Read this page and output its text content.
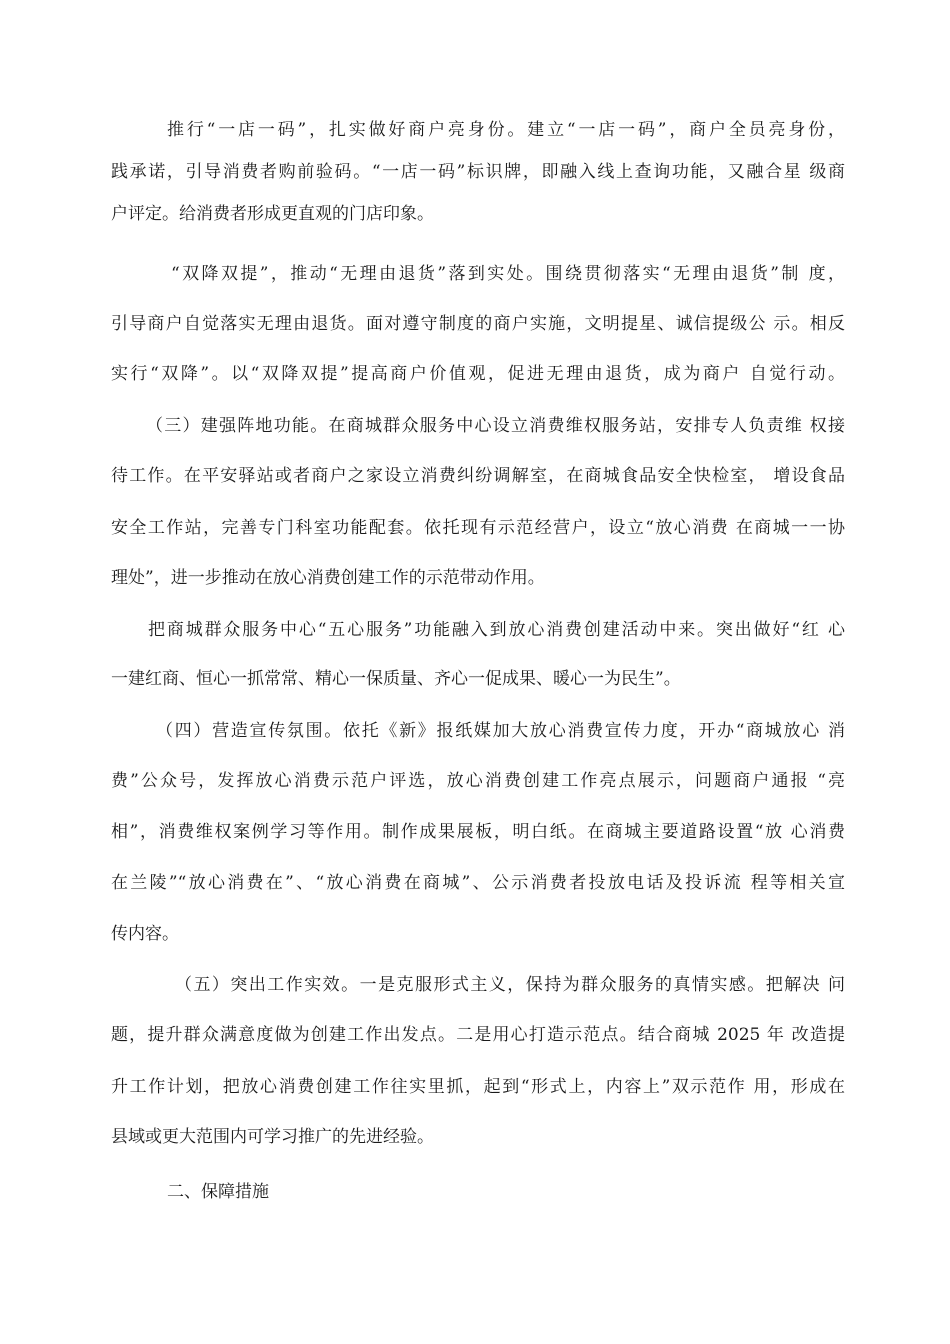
推行“一店一码”，扎实做好商户亮身份。建立“一店一码”，商户全员亮身份，
践承诺，引导消费者购前验码。“一店一码”标识牌，即融入线上查询功能，又融合星 级商
户评定。给消费者形成更直观的门店印象。
“双降双提”，推动“无理由退货”落到实处。围绕贯彻落实“无理由退货”制 度，
引导商户自觉落实无理由退货。面对遵守制度的商户实施，文明提星、诚信提级公 示。相反
实行“双降”。以“双降双提”提高商户价值观，促进无理由退货，成为商户 自觉行动。
（三）建强阵地功能。在商城群众服务中心设立消费维权服务站，安排专人负责维 权接
待工作。在平安驿站或者商户之家设立消费纠纷调解室，在商城食品安全快检室， 增设食品
安全工作站，完善专门科室功能配套。依托现有示范经营户，设立“放心消费 在商城一一协
理处”，进一步推动在放心消费创建工作的示范带动作用。
把商城群众服务中心“五心服务”功能融入到放心消费创建活动中来。突出做好“红 心
一建红商、恒心一抓常常、精心一保质量、齐心一促成果、暖心一为民生”。
（四）营造宣传氛围。依托《新》报纸媒加大放心消费宣传力度，开办“商城放心 消
费”公众号，发挥放心消费示范户评选，放心消费创建工作亮点展示，问题商户通报 “亮
相”，消费维权案例学习等作用。制作成果展板，明白纸。在商城主要道路设置“放 心消费
在兰陵”“放心消费在”、“放心消费在商城”、公示消费者投放电话及投诉流 程等相关宣
传内容。
（五）突出工作实效。一是克服形式主义，保持为群众服务的真情实感。把解决 问
题，提升群众满意度做为创建工作出发点。二是用心打造示范点。结合商城 2025 年 改造提
升工作计划，把放心消费创建工作往实里抓，起到“形式上，内容上”双示范作 用，形成在
县域或更大范围内可学习推广的先进经验。
二、保障措施
